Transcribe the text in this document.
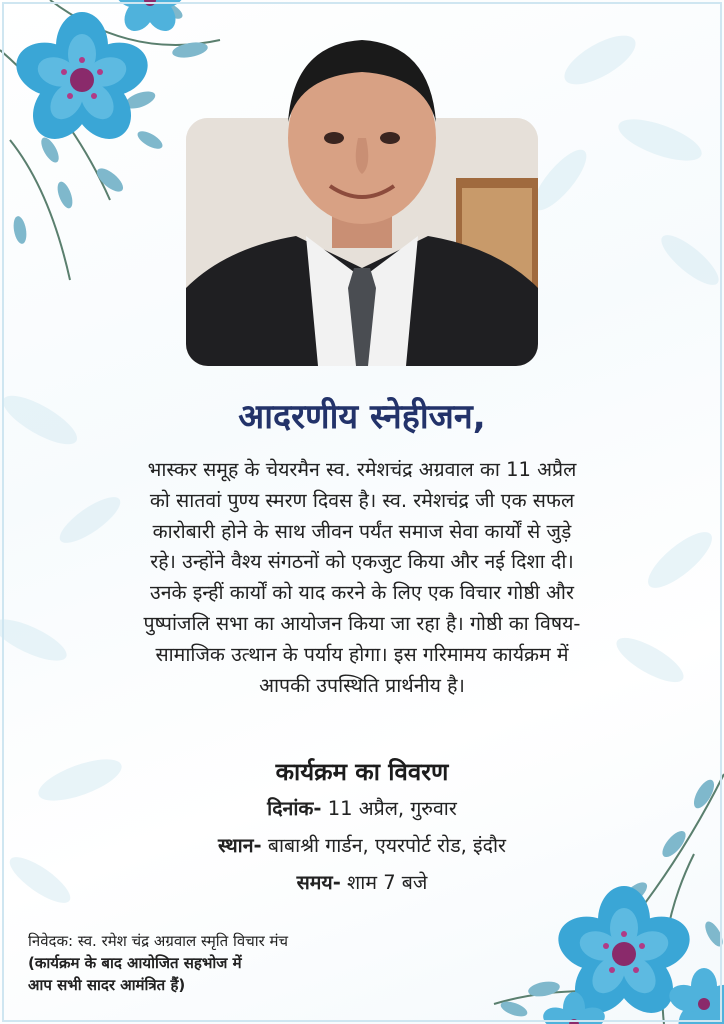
आदरणीय स्नेहीजन,
भास्कर समूह के चेयरमैन स्व. रमेशचंद्र अग्रवाल का 11 अप्रैल
को सातवां पुण्य स्मरण दिवस है। स्व. रमेशचंद्र जी एक सफल
कारोबारी होने के साथ जीवन पर्यंत समाज सेवा कार्यों से जुड़े
रहे। उन्होंने वैश्य संगठनों को एकजुट किया और नई दिशा दी।
उनके इन्हीं कार्यों को याद करने के लिए एक विचार गोष्ठी और
पुष्पांजलि सभा का आयोजन किया जा रहा है। गोष्ठी का विषय-
सामाजिक उत्थान के पर्याय होगा। इस गरिमामय कार्यक्रम में
आपकी उपस्थिति प्रार्थनीय है।
कार्यक्रम का विवरण
दिनांक- 11 अप्रैल, गुरुवार
स्थान- बाबाश्री गार्डन, एयरपोर्ट रोड, इंदौर
समय- शाम 7 बजे
निवेदक: स्व. रमेश चंद्र अग्रवाल स्मृति विचार मंच
(कार्यक्रम के बाद आयोजित सहभोज में
आप सभी सादर आमंत्रित हैं)
